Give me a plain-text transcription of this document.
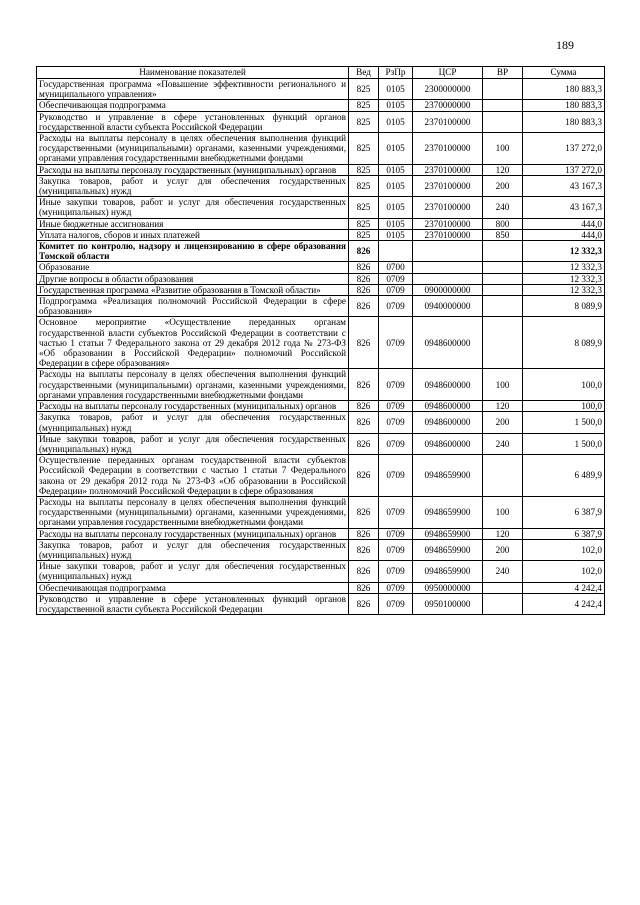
189
Наименование показателей	Вед	РзПр	ЦСР	ВР	Сумма
Государственная программа «Повышение эффективности регионального и муниципального управления»	825	0105	2300000000		180 883,3
Обеспечивающая подпрограмма	825	0105	2370000000		180 883,3
Руководство и управление в сфере установленных функций органов государственной власти субъекта Российской Федерации	825	0105	2370100000		180 883,3
Расходы на выплаты персоналу в целях обеспечения выполнения функций государственными (муниципальными) органами, казенными учреждениями, органами управления государственными внебюджетными фондами	825	0105	2370100000	100	137 272,0
Расходы на выплаты персоналу государственных (муниципальных) органов	825	0105	2370100000	120	137 272,0
Закупка товаров, работ и услуг для обеспечения государственных (муниципальных) нужд	825	0105	2370100000	200	43 167,3
Иные закупки товаров, работ и услуг для обеспечения государственных (муниципальных) нужд	825	0105	2370100000	240	43 167,3
Иные бюджетные ассигнования	825	0105	2370100000	800	444,0
Уплата налогов, сборов и иных платежей	825	0105	2370100000	850	444,0
Комитет по контролю, надзору и лицензированию в сфере образования Томской области	826				12 332,3
Образование	826	0700			12 332,3
Другие вопросы в области образования	826	0709			12 332,3
Государственная программа «Развитие образования в Томской области»	826	0709	0900000000		12 332,3
Подпрограмма «Реализация полномочий Российской Федерации в сфере образования»	826	0709	0940000000		8 089,9
Основное мероприятие «Осуществление переданных органам государственной власти субъектов Российской Федерации в соответствии с частью 1 статьи 7 Федерального закона от 29 декабря 2012 года № 273-ФЗ «Об образовании в Российской Федерации» полномочий Российской Федерации в сфере образования»	826	0709	0948600000		8 089,9
Расходы на выплаты персоналу в целях обеспечения выполнения функций государственными (муниципальными) органами, казенными учреждениями, органами управления государственными внебюджетными фондами	826	0709	0948600000	100	100,0
Расходы на выплаты персоналу государственных (муниципальных) органов	826	0709	0948600000	120	100,0
Закупка товаров, работ и услуг для обеспечения государственных (муниципальных) нужд	826	0709	0948600000	200	1 500,0
Иные закупки товаров, работ и услуг для обеспечения государственных (муниципальных) нужд	826	0709	0948600000	240	1 500,0
Осуществление переданных органам государственной власти субъектов Российской Федерации в соответствии с частью 1 статьи 7 Федерального закона от 29 декабря 2012 года № 273-ФЗ «Об образовании в Российской Федерации» полномочий Российской Федерации в сфере образования	826	0709	0948659900		6 489,9
Расходы на выплаты персоналу в целях обеспечения выполнения функций государственными (муниципальными) органами, казенными учреждениями, органами управления государственными внебюджетными фондами	826	0709	0948659900	100	6 387,9
Расходы на выплаты персоналу государственных (муниципальных) органов	826	0709	0948659900	120	6 387,9
Закупка товаров, работ и услуг для обеспечения государственных (муниципальных) нужд	826	0709	0948659900	200	102,0
Иные закупки товаров, работ и услуг для обеспечения государственных (муниципальных) нужд	826	0709	0948659900	240	102,0
Обеспечивающая подпрограмма	826	0709	0950000000		4 242,4
Руководство и управление в сфере установленных функций органов государственной власти субъекта Российской Федерации	826	0709	0950100000		4 242,4
